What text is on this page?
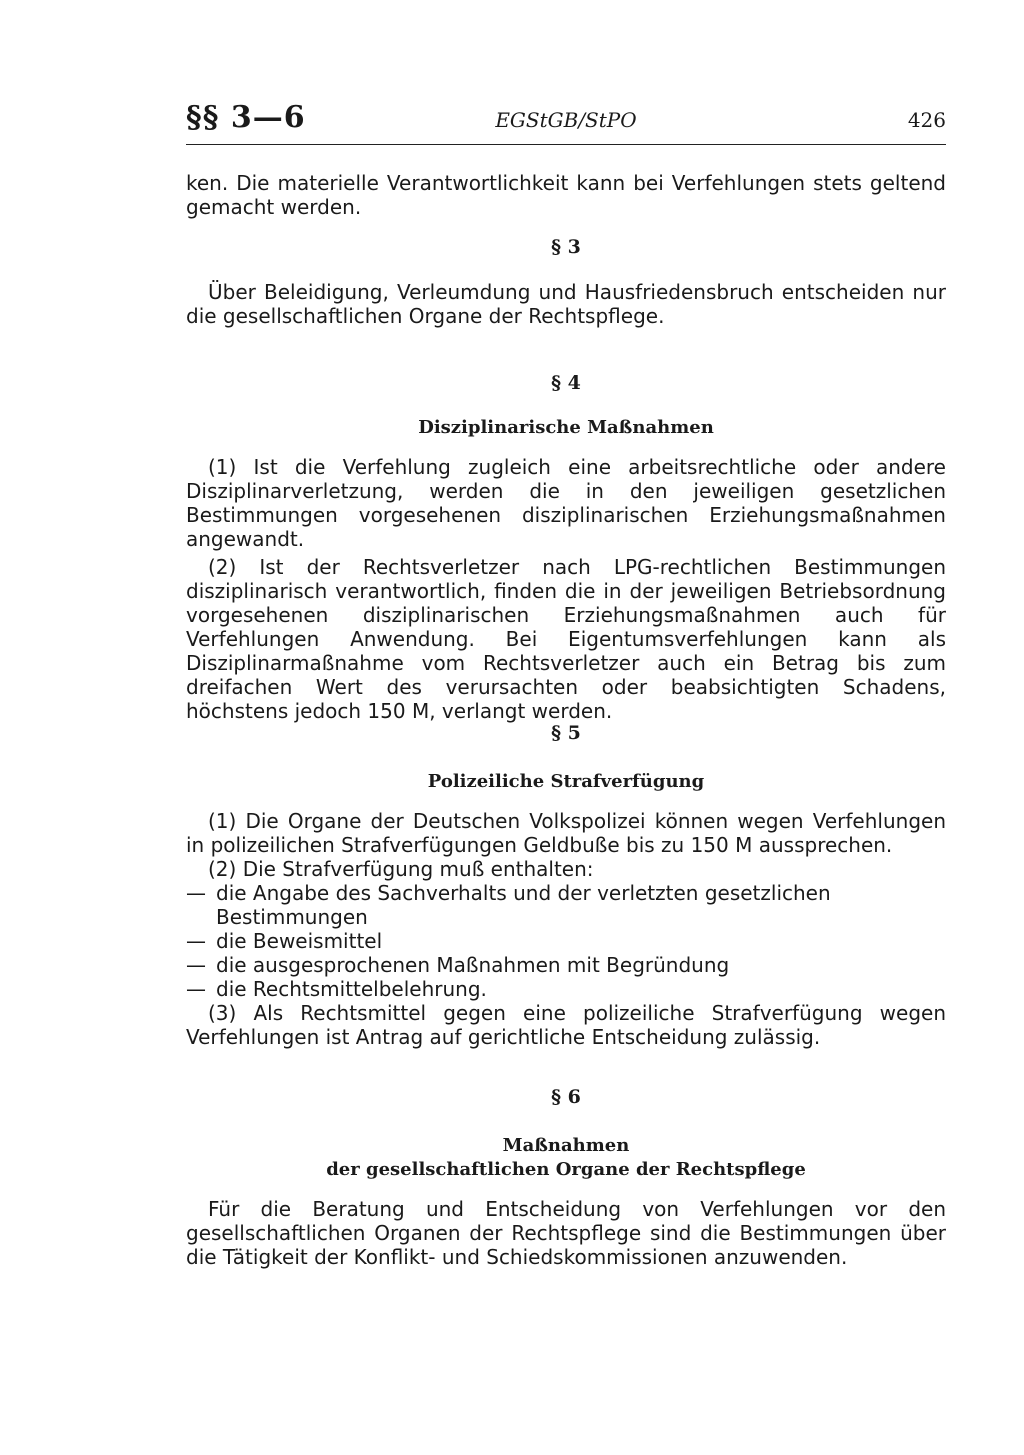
§§ 3—6	EGStGB/StPO	426

ken. Die materielle Verantwortlichkeit kann bei Verfehlungen stets geltend gemacht werden.

§ 3

Über Beleidigung, Verleumdung und Hausfriedensbruch entscheiden nur die gesellschaftlichen Organe der Rechtspflege.

§ 4
Disziplinarische Maßnahmen

(1) Ist die Verfehlung zugleich eine arbeitsrechtliche oder andere Disziplinarverletzung, werden die in den jeweiligen gesetzlichen Bestimmungen vorgesehenen disziplinarischen Erziehungsmaßnahmen angewandt.

(2) Ist der Rechtsverletzer nach LPG-rechtlichen Bestimmungen disziplinarisch verantwortlich, finden die in der jeweiligen Betriebsordnung vorgesehenen disziplinarischen Erziehungsmaßnahmen auch für Verfehlungen Anwendung. Bei Eigentumsverfehlungen kann als Disziplinarmaßnahme vom Rechtsverletzer auch ein Betrag bis zum dreifachen Wert des verursachten oder beabsichtigten Schadens, höchstens jedoch 150 M, verlangt werden.

§ 5
Polizeiliche Strafverfügung

(1) Die Organe der Deutschen Volkspolizei können wegen Verfehlungen in polizeilichen Strafverfügungen Geldbuße bis zu 150 M aussprechen.

(2) Die Strafverfügung muß enthalten:

— die Angabe des Sachverhalts und der verletzten gesetzlichen Bestimmungen
— die Beweismittel
— die ausgesprochenen Maßnahmen mit Begründung
— die Rechtsmittelbelehrung.

(3) Als Rechtsmittel gegen eine polizeiliche Strafverfügung wegen Verfehlungen ist Antrag auf gerichtliche Entscheidung zulässig.

§ 6
Maßnahmen
der gesellschaftlichen Organe der Rechtspflege

Für die Beratung und Entscheidung von Verfehlungen vor den gesellschaftlichen Organen der Rechtspflege sind die Bestimmungen über die Tätigkeit der Konflikt- und Schiedskommissionen anzuwenden.
